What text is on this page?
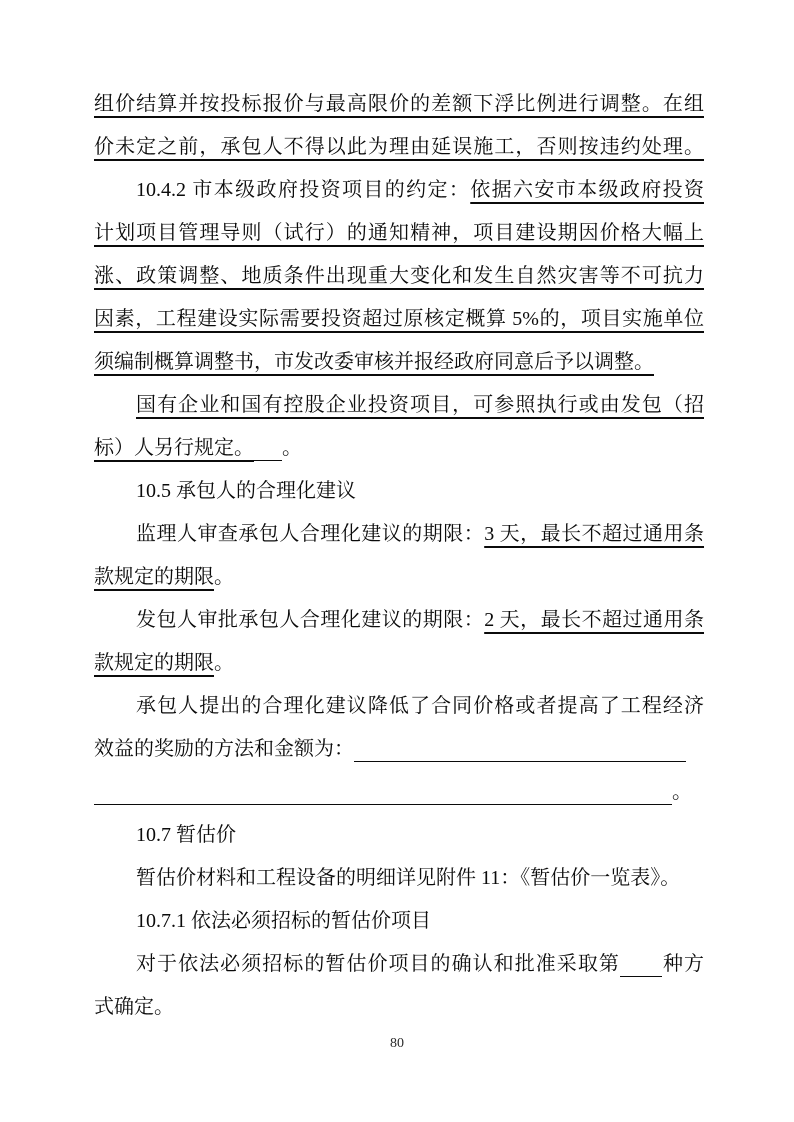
组价结算并按投标报价与最高限价的差额下浮比例进行调整。在组

价未定之前，承包人不得以此为理由延误施工，否则按违约处理。

10.4.2 市本级政府投资项目的约定：依据六安市本级政府投资

计划项目管理导则（试行）的通知精神，项目建设期因价格大幅上

涨、政策调整、地质条件出现重大变化和发生自然灾害等不可抗力

因素，工程建设实际需要投资超过原核定概算 5%的，项目实施单位

须编制概算调整书，市发改委审核并报经政府同意后予以调整。

国有企业和国有控股企业投资项目，可参照执行或由发包（招

标）人另行规定。 。

10.5 承包人的合理化建议

监理人审查承包人合理化建议的期限：3 天，最长不超过通用条

款规定的期限。

发包人审批承包人合理化建议的期限：2 天，最长不超过通用条

款规定的期限。

承包人提出的合理化建议降低了合同价格或者提高了工程经济

效益的奖励的方法和金额为：

。

10.7 暂估价

暂估价材料和工程设备的明细详见附件 11：《暂估价一览表》。

10.7.1 依法必须招标的暂估价项目

对于依法必须招标的暂估价项目的确认和批准采取第 种方

式确定。

80
